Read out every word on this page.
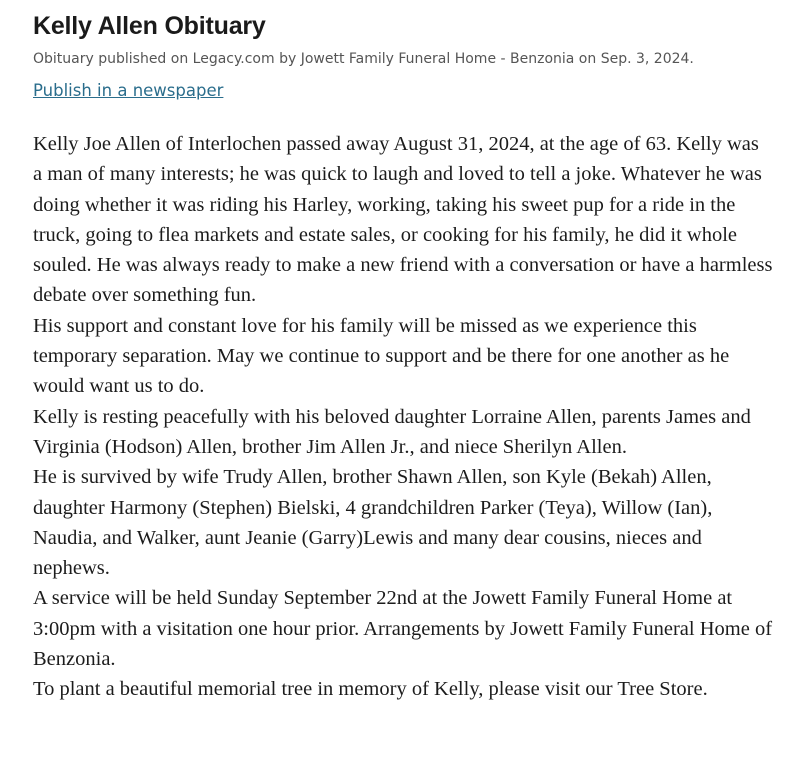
Kelly Allen Obituary
Obituary published on Legacy.com by Jowett Family Funeral Home - Benzonia on Sep. 3, 2024.
Publish in a newspaper

Kelly Joe Allen of Interlochen passed away August 31, 2024, at the age of 63. Kelly was a man of many interests; he was quick to laugh and loved to tell a joke. Whatever he was doing whether it was riding his Harley, working, taking his sweet pup for a ride in the truck, going to flea markets and estate sales, or cooking for his family, he did it whole souled. He was always ready to make a new friend with a conversation or have a harmless debate over something fun.

His support and constant love for his family will be missed as we experience this temporary separation. May we continue to support and be there for one another as he would want us to do.

Kelly is resting peacefully with his beloved daughter Lorraine Allen, parents James and Virginia (Hodson) Allen, brother Jim Allen Jr., and niece Sherilyn Allen.

He is survived by wife Trudy Allen, brother Shawn Allen, son Kyle (Bekah) Allen, daughter Harmony (Stephen) Bielski, 4 grandchildren Parker (Teya), Willow (Ian), Naudia, and Walker, aunt Jeanie (Garry)Lewis and many dear cousins, nieces and nephews.

A service will be held Sunday September 22nd at the Jowett Family Funeral Home at 3:00pm with a visitation one hour prior. Arrangements by Jowett Family Funeral Home of Benzonia.

To plant a beautiful memorial tree in memory of Kelly, please visit our Tree Store.
